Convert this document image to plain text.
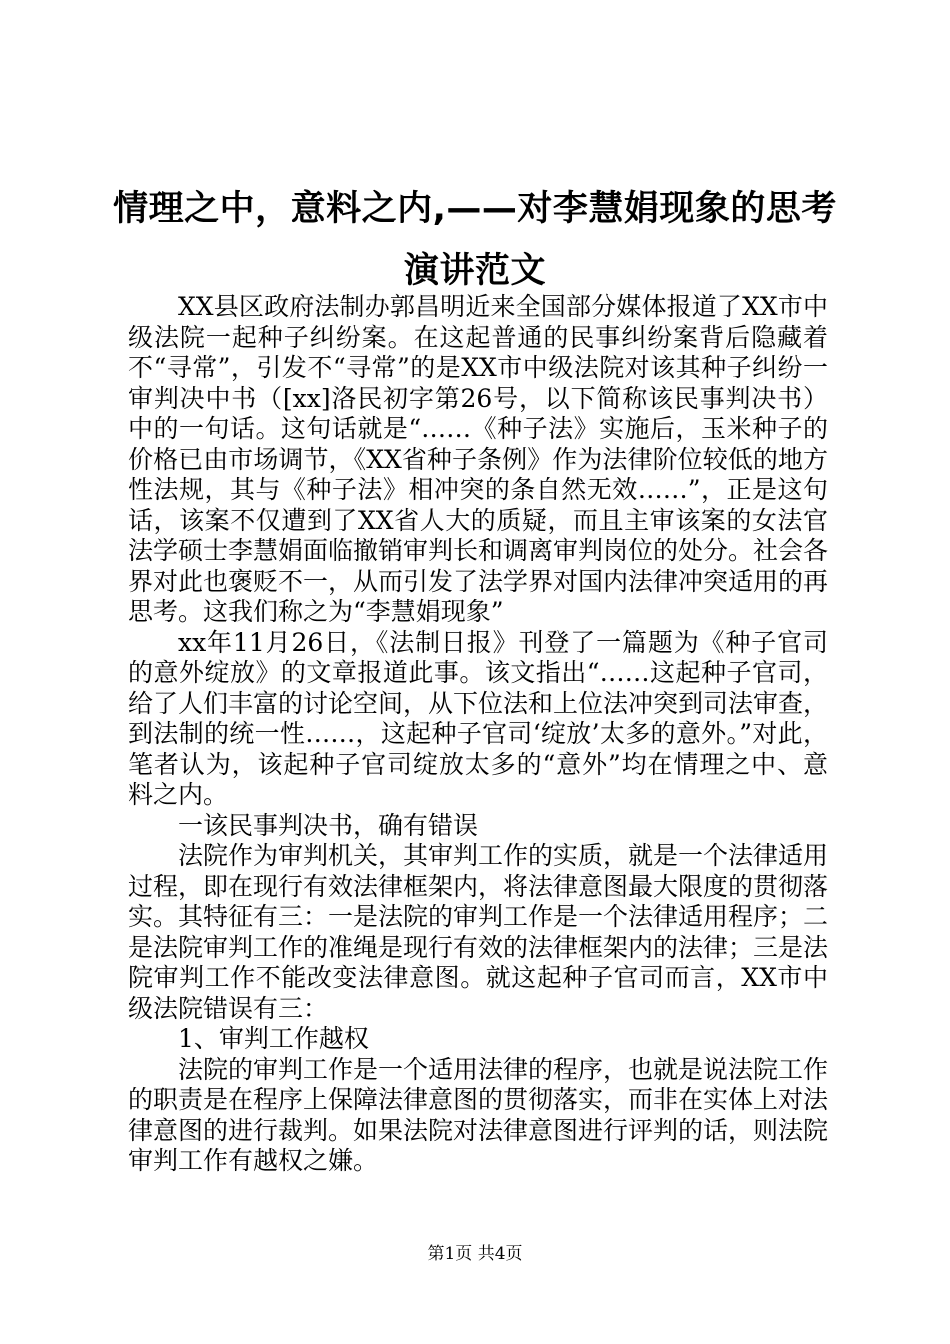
情理之中，意料之内,——对李慧娟现象的思考演讲范文

XX县区政府法制办郭昌明近来全国部分媒体报道了XX市中级法院一起种子纠纷案。在这起普通的民事纠纷案背后隐藏着不“寻常”，引发不“寻常”的是XX市中级法院对该其种子纠纷一审判决中书（[xx]洛民初字第26号，以下简称该民事判决书）中的一句话。这句话就是“……《种子法》实施后，玉米种子的价格已由市场调节，《XX省种子条例》作为法律阶位较低的地方性法规，其与《种子法》相冲突的条自然无效……”，正是这句话，该案不仅遭到了XX省人大的质疑，而且主审该案的女法官法学硕士李慧娟面临撤销审判长和调离审判岗位的处分。社会各界对此也褒贬不一，从而引发了法学界对国内法律冲突适用的再思考。这我们称之为“李慧娟现象”

xx年11月26日，《法制日报》刊登了一篇题为《种子官司的意外绽放》的文章报道此事。该文指出“……这起种子官司，给了人们丰富的讨论空间，从下位法和上位法冲突到司法审查，到法制的统一性……，这起种子官司‘绽放’太多的意外。”对此，笔者认为，该起种子官司绽放太多的“意外”均在情理之中、意料之内。

一该民事判决书，确有错误

法院作为审判机关，其审判工作的实质，就是一个法律适用过程，即在现行有效法律框架内，将法律意图最大限度的贯彻落实。其特征有三：一是法院的审判工作是一个法律适用程序；二是法院审判工作的准绳是现行有效的法律框架内的法律；三是法院审判工作不能改变法律意图。就这起种子官司而言，XX市中级法院错误有三：

1、审判工作越权

法院的审判工作是一个适用法律的程序，也就是说法院工作的职责是在程序上保障法律意图的贯彻落实，而非在实体上对法律意图的进行裁判。如果法院对法律意图进行评判的话，则法院审判工作有越权之嫌。

第1页 共4页
